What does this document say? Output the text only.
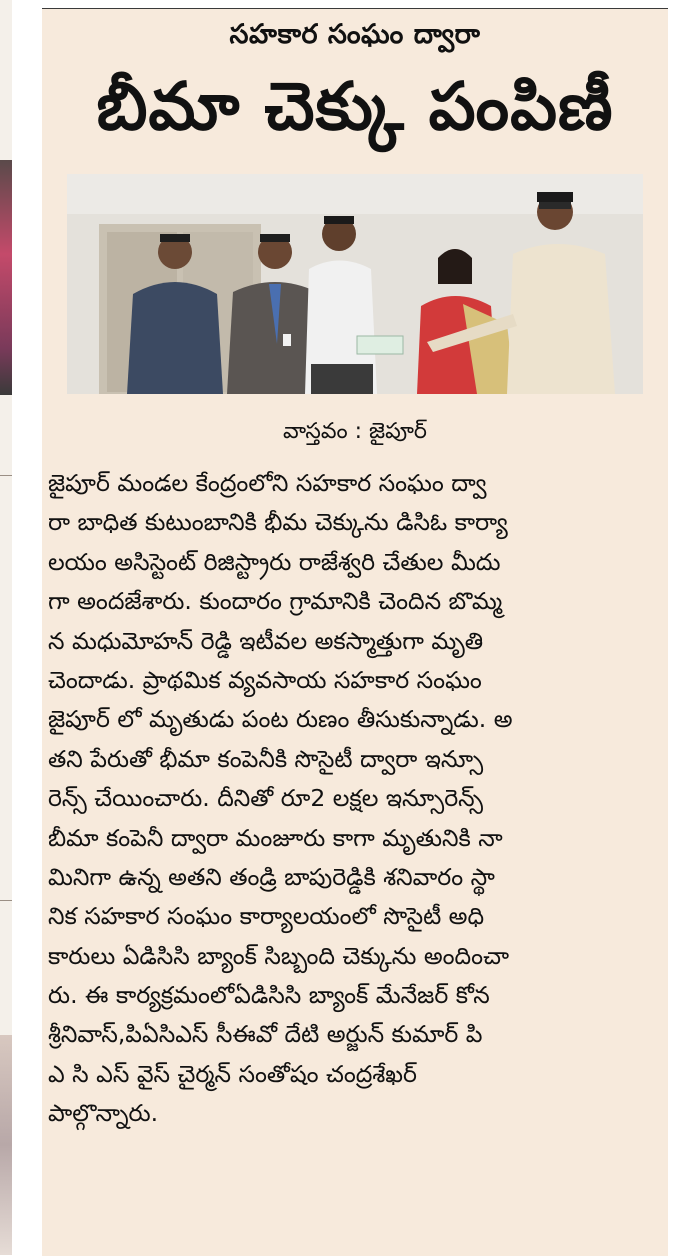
సహకార సంఘం ద్వారా
బీమా చెక్కు పంపిణీ
వాస్తవం : జైపూర్
జైపూర్ మండల కేంద్రంలోని సహకార సంఘం ద్వా
రా బాధిత కుటుంబానికి భీమ చెక్కును డిసిఓ కార్యా
లయం అసిస్టెంట్ రిజిస్ట్రారు రాజేశ్వరి చేతుల మీదు
గా అందజేశారు. కుందారం గ్రామానికి చెందిన బొమ్మ
న మధుమోహన్ రెడ్డి ఇటీవల అకస్మాత్తుగా మృతి
చెందాడు. ప్రాథమిక వ్యవసాయ సహకార సంఘం
జైపూర్ లో మృతుడు పంట రుణం తీసుకున్నాడు. అ
తని పేరుతో భీమా కంపెనీకి సొసైటీ ద్వారా ఇన్సూ
రెన్స్ చేయించారు. దీనితో రూ2 లక్షల ఇన్సూరెన్స్
బీమా కంపెనీ ద్వారా మంజూరు కాగా మృతునికి నా
మినిగా ఉన్న అతని తండ్రి బాపురెడ్డికి శనివారం స్థా
నిక సహకార సంఘం కార్యాలయంలో సొసైటీ అధి
కారులు ఏడిసిసి బ్యాంక్ సిబ్బంది చెక్కును అందించా
రు. ఈ కార్యక్రమంలోఏడిసిసి బ్యాంక్ మేనేజర్ కోన
శ్రీనివాస్,పిఏసిఎస్ సీఈవో దేటి అర్జున్ కుమార్ పి
ఎ సి ఎస్ వైస్ చైర్మన్ సంతోషం చంద్రశేఖర్
పాల్గొన్నారు.
